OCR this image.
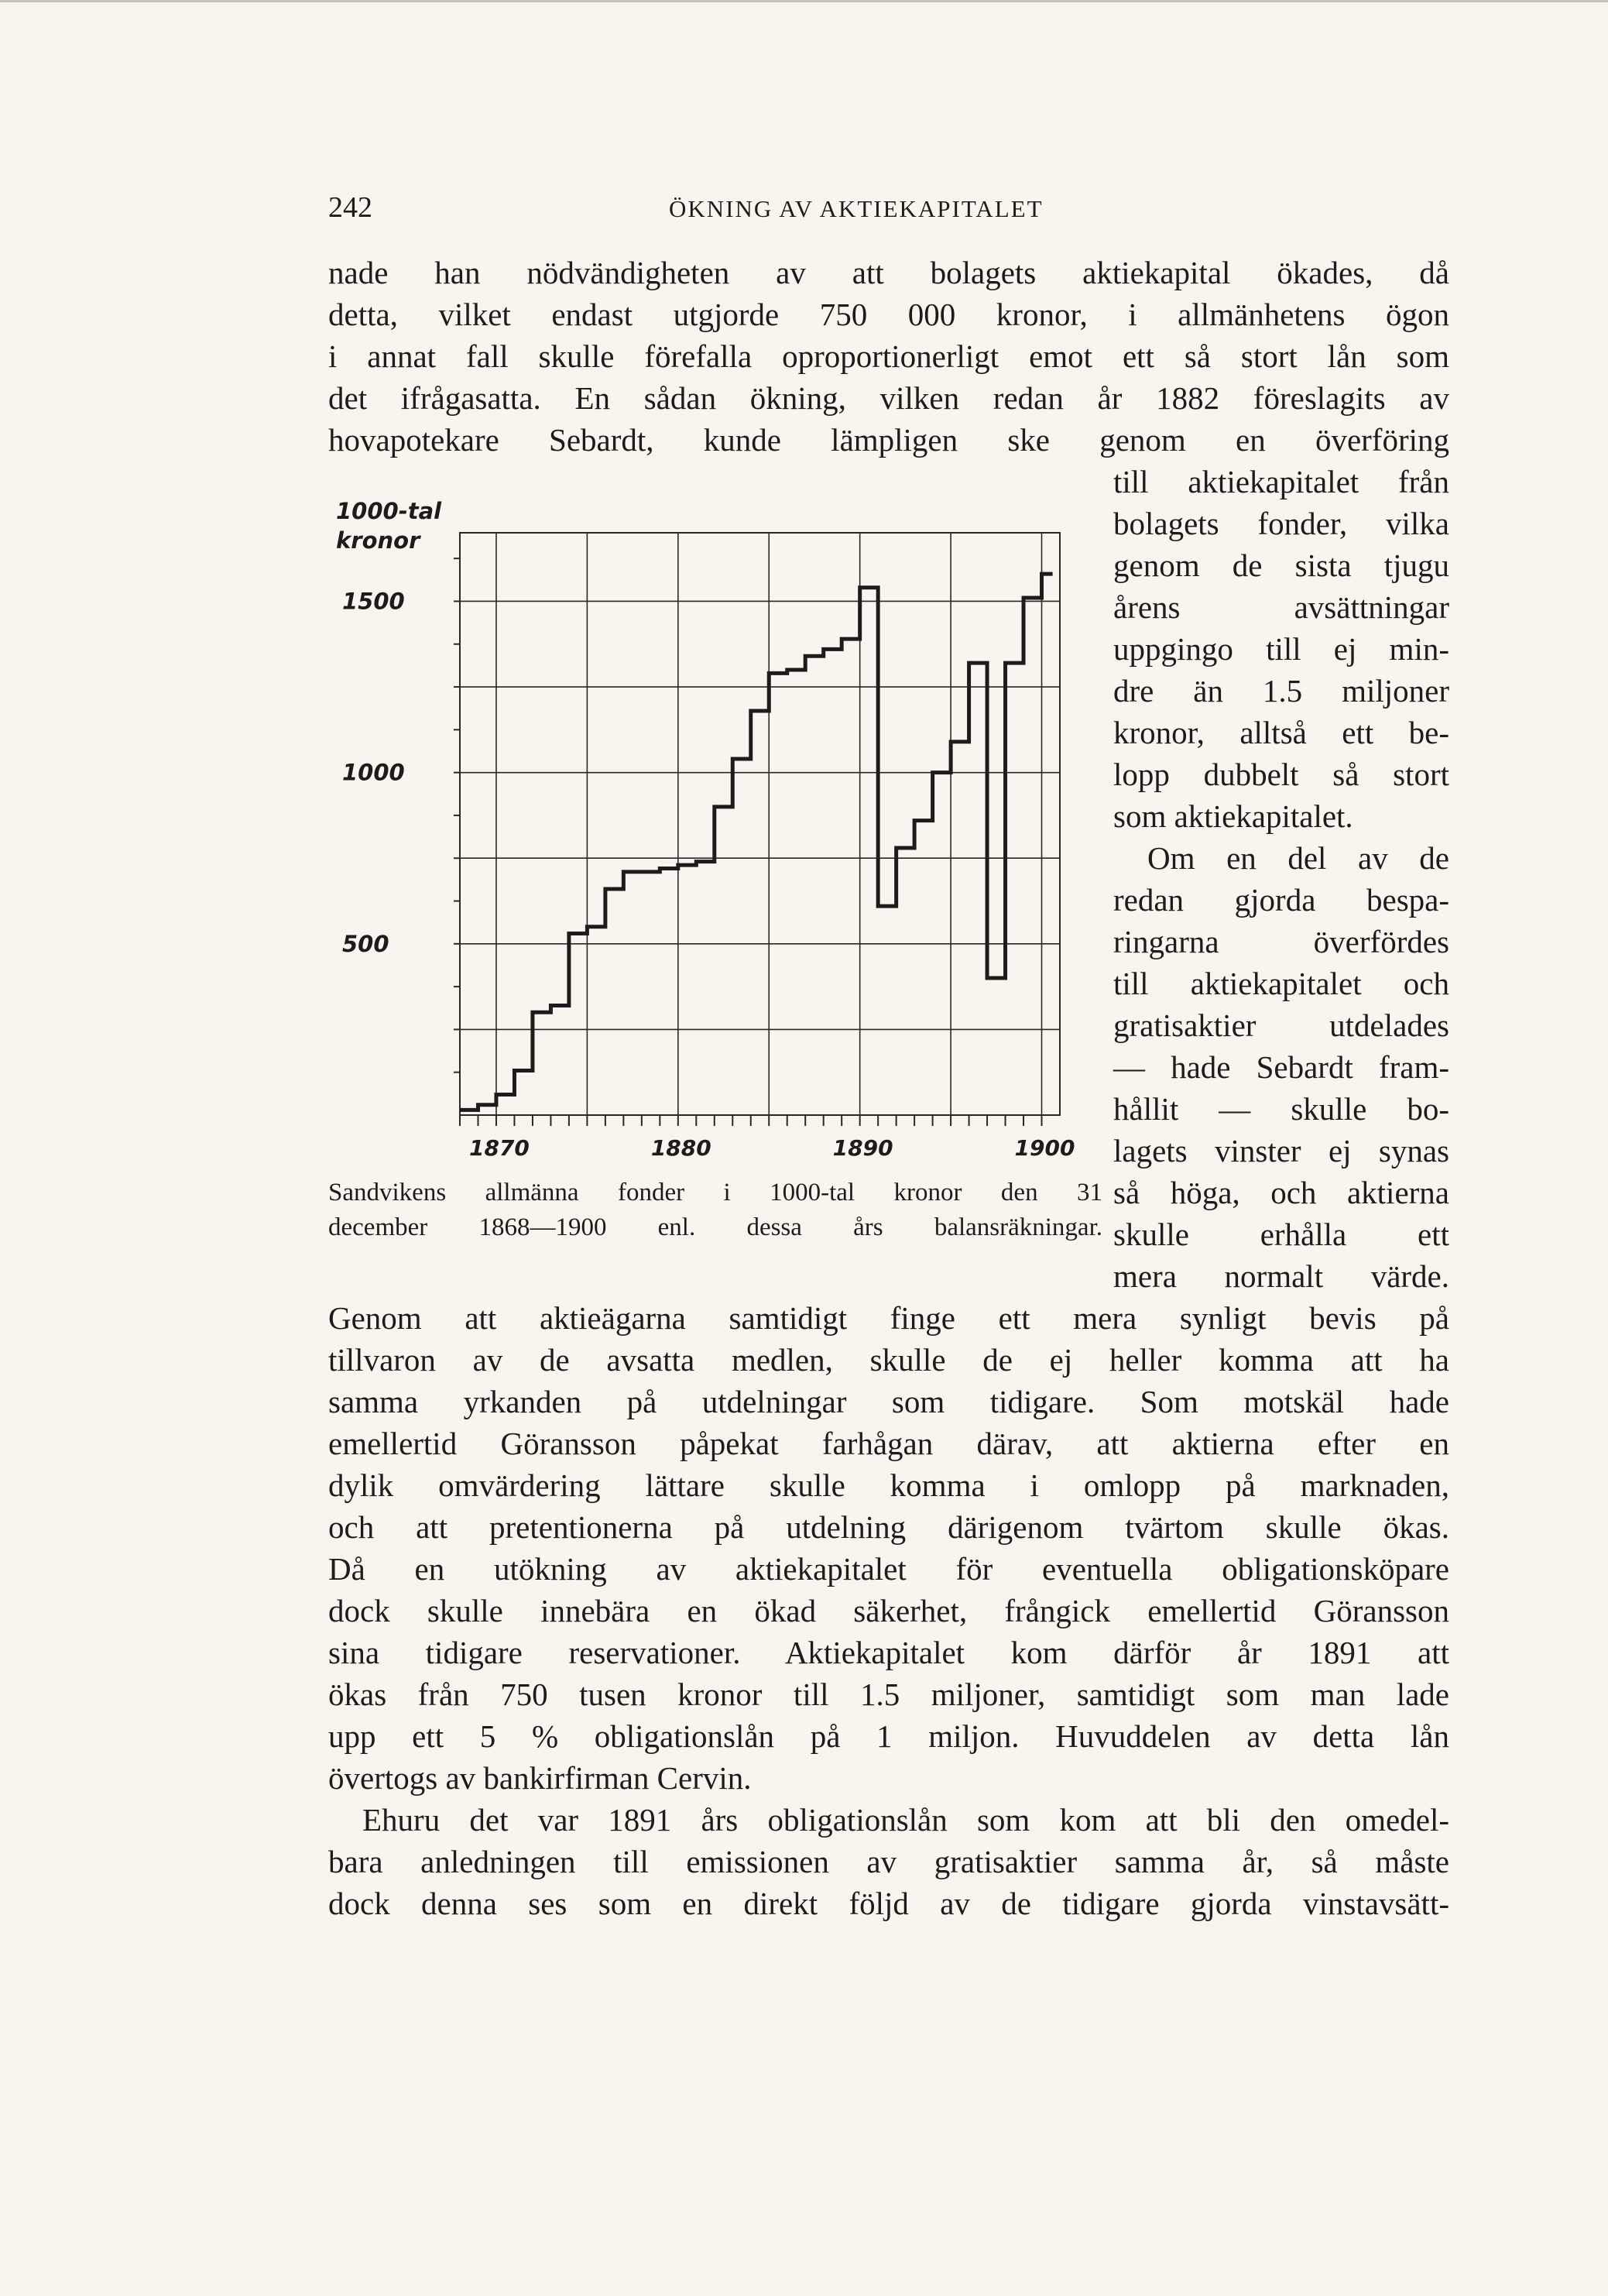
242	ÖKNING AV AKTIEKAPITALET
nade han nödvändigheten av att bolagets aktiekapital ökades, då
detta, vilket endast utgjorde 750 000 kronor, i allmänhetens ögon
i annat fall skulle förefalla oproportionerligt emot ett så stort lån som
det ifrågasatta. En sådan ökning, vilken redan år 1882 föreslagits av
hovapotekare Sebardt, kunde lämpligen ske genom en överföring
till aktiekapitalet från
bolagets fonder, vilka
genom de sista tjugu
årens avsättningar
uppgingo till ej min-
dre än 1.5 miljoner
kronor, alltså ett be-
lopp dubbelt så stort
som aktiekapitalet.
Om en del av de
redan gjorda bespa-
ringarna överfördes
till aktiekapitalet och
gratisaktier utdelades
— hade Sebardt fram-
hållit — skulle bo-
lagets vinster ej synas
så höga, och aktierna
skulle erhålla ett
mera normalt värde.
Genom att aktieägarna samtidigt finge ett mera synligt bevis på
tillvaron av de avsatta medlen, skulle de ej heller komma att ha
samma yrkanden på utdelningar som tidigare. Som motskäl hade
emellertid Göransson påpekat farhågan därav, att aktierna efter en
dylik omvärdering lättare skulle komma i omlopp på marknaden,
och att pretentionerna på utdelning därigenom tvärtom skulle ökas.
Då en utökning av aktiekapitalet för eventuella obligationsköpare
dock skulle innebära en ökad säkerhet, frångick emellertid Göransson
sina tidigare reservationer. Aktiekapitalet kom därför år 1891 att
ökas från 750 tusen kronor till 1.5 miljoner, samtidigt som man lade
upp ett 5 % obligationslån på 1 miljon. Huvuddelen av detta lån
övertogs av bankirfirman Cervin.
Ehuru det var 1891 års obligationslån som kom att bli den omedel-
bara anledningen till emissionen av gratisaktier samma år, så måste
dock denna ses som en direkt följd av de tidigare gjorda vinstavsätt-
1000-tal
kronor
500
1000
1500
1870	1880	1890	1900
Sandvikens allmänna fonder i 1000-tal kronor den 31
december 1868—1900 enl. dessa års balansräkningar.
